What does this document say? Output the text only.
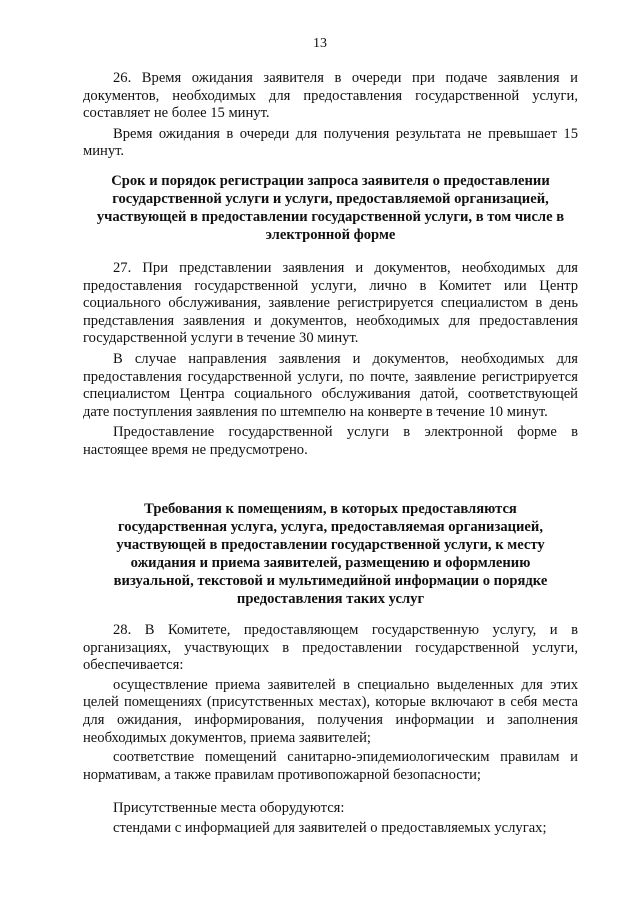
13

26. Время ожидания заявителя в очереди при подаче заявления и документов, необходимых для предоставления государственной услуги, составляет не более 15 минут.

Время ожидания в очереди для получения результата не превышает 15 минут.

Срок и порядок регистрации запроса заявителя о предоставлении
государственной услуги и услуги, предоставляемой организацией,
участвующей в предоставлении государственной услуги, в том числе в
электронной форме

27. При представлении заявления и документов, необходимых для предоставления государственной услуги, лично в Комитет или Центр социального обслуживания, заявление регистрируется специалистом в день представления заявления и документов, необходимых для предоставления государственной услуги в течение 30 минут.

В случае направления заявления и документов, необходимых для предоставления государственной услуги, по почте, заявление регистрируется специалистом Центра социального обслуживания датой, соответствующей дате поступления заявления по штемпелю на конверте в течение 10 минут.

Предоставление государственной услуги в электронной форме в настоящее время не предусмотрено.

Требования к помещениям, в которых предоставляются
государственная услуга, услуга, предоставляемая организацией,
участвующей в предоставлении государственной услуги, к месту
ожидания и приема заявителей, размещению и оформлению
визуальной, текстовой и мультимедийной информации о порядке
предоставления таких услуг

28. В Комитете, предоставляющем государственную услугу, и в организациях, участвующих в предоставлении государственной услуги, обеспечивается:

осуществление приема заявителей в специально выделенных для этих целей помещениях (присутственных местах), которые включают в себя места для ожидания, информирования, получения информации и заполнения необходимых документов, приема заявителей;

соответствие помещений санитарно-эпидемиологическим правилам и нормативам, а также правилам противопожарной безопасности;

Присутственные места оборудуются:

стендами с информацией для заявителей о предоставляемых услугах;
